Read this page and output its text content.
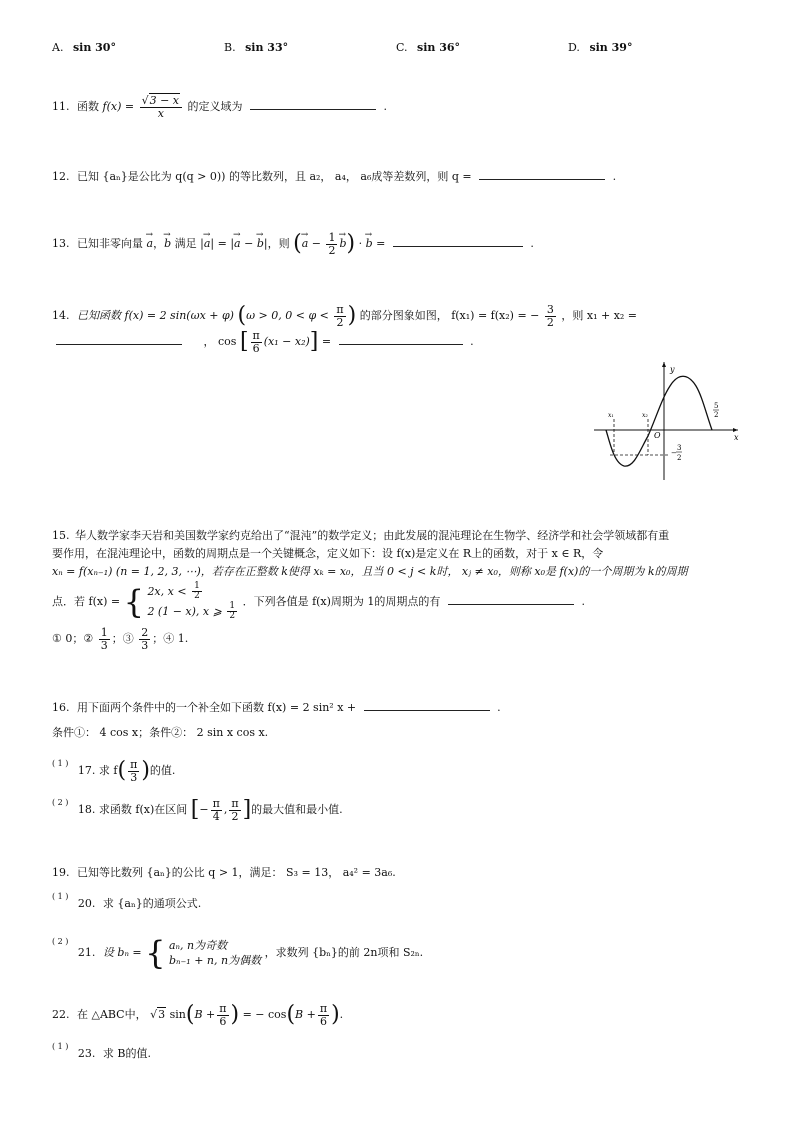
A. sin 30°	B. sin 33°	C. sin 36°	D. sin 39°
11. 函数 $f(x) = \frac{√3 - x}{x}$ 的定义域为	.
12. 已知 {aₙ}是公比为 q(q > 0)) 的等比数列，且 a₂， a₄， a₆成等差数列，则 q =	.
13. 已知非零向量 → a，→ b 满足 |→ a| = |→ a − → b|，则 (→ $a - \frac{1}{2}$
→ b) · → b =	.
14. 已知函数 f(x) = 2 sin(ωx + φ) (ω > 0, $0 < \varphi < \frac{\pi}{2}$ ) 的部分图象如图， f(x₁) = f(x₂) = − $\frac{3}{2}$ ，则 x₁ + x₂ =
， cos [ $\frac{\pi}{6} (x_1 - x_2)$] =	.
y
x
O
x₁	x₂
5
2
−
3
2
15. 华人数学家李天岩和美国数学家约克给出了“混沌”的数学定义；由此发展的混沌理论在生物学、经济学和社会学领域都有重
要作用，在混沌理论中，函数的周期点是一个关键概念，定义如下：设 f(x)是定义在 R上的函数，对于 x ∈ R，令
xₙ = f(xₙ₋₁) (n = 1, 2, 3, ⋯)，若存在正整数 k使得 xₖ = x₀，且当 0 < j < k时， xⱼ ≠ x₀，则称 x₀是 f(x)的一个周期为 k的周期
点．若 f(x) = { 2x, $x < \frac{1}{2}$
2 (1 − x), x ⩾ $\frac{1}{2}$
．下列各值是 f(x)周期为 1的周期点的有	.
① 0；② $\frac{1}{3}$ ；③ $\frac{2}{3}$ ；④ 1.
16. 用下面两个条件中的一个补全如下函数 f(x) = 2 sin² x +	.
条件①： 4 cos x；条件②： 2 sin x cos x.
$^{( 1 )}$ 17. 求 $f( \frac{\pi}{3}$ )的值.
$^{( 2 )}$ 18. 求函数 f(x)在区间 [− $\frac{\pi}{4}$ , $\frac{\pi}{2}$ ]的最大值和最小值.
19. 已知等比数列 {aₙ}的公比 q > 1，满足： S₃ = 13， a₄² = 3a₆.
$^{( 1 )}$ 20. 求 {aₙ}的通项公式.
$^{( 2 )}$ 21. 设 bₙ = { aₙ, n为奇数
bₙ₋₁ + n, n为偶数
，求数列 {bₙ}的前 2n项和 S₂ₙ.
22. 在 △ABC中， √3 $\sin(B + \frac{\pi}{6}$ ) = − $\cos(B + \frac{\pi}{6}$ ).
$^{( 1 )}$ 23. 求 B的值.
